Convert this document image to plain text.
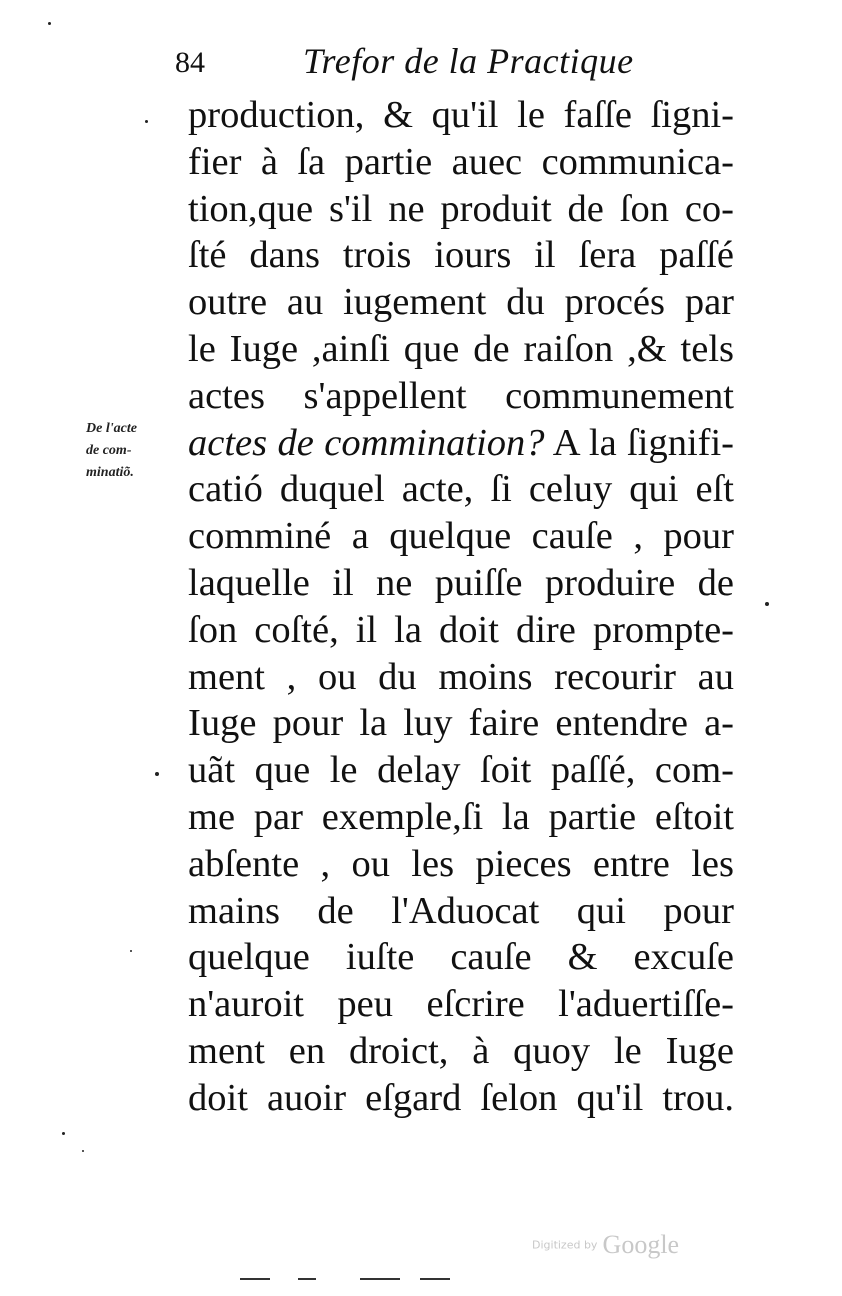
84	Trefor de la Practique
De l'acte
de com-
minatiõ.
production, & qu'il le faſſe ſigni-
fier à ſa partie auec communica-
tion,que s'il ne produit de ſon co-
ſté dans trois iours il ſera paſſé
outre au iugement du procés par
le Iuge ,ainſi que de raiſon ,& tels
actes s'appellent communement
actes de commination? A la ſignifi-
catió duquel acte, ſi celuy qui eſt
comminé a quelque cauſe , pour
laquelle il ne puiſſe produire de
ſon coſté, il la doit dire prompte-
ment , ou du moins recourir au
Iuge pour la luy faire entendre a-
uãt que le delay ſoit paſſé, com-
me par exemple,ſi la partie eſtoit
abſente , ou les pieces entre les
mains de l'Aduocat qui pour
quelque iuſte cauſe & excuſe
n'auroit peu eſcrire l'aduertiſſe-
ment en droict, à quoy le Iuge
doit auoir eſgard ſelon qu'il trou.
Digitized by Google
